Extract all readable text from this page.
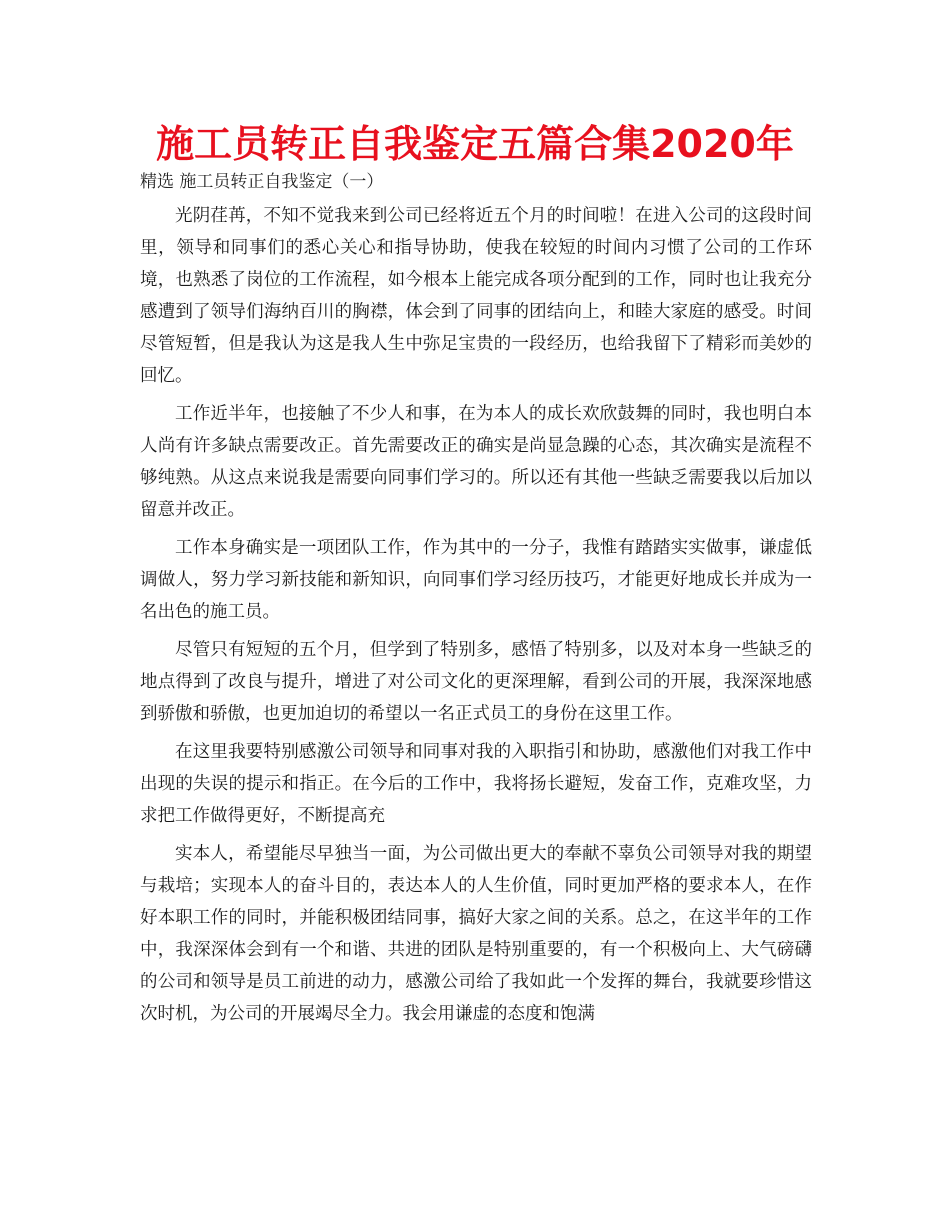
施工员转正自我鉴定五篇合集2020年
精选 施工员转正自我鉴定（一）

光阴荏苒，不知不觉我来到公司已经将近五个月的时间啦！在进入公司的这段时间里，领导和同事们的悉心关心和指导协助，使我在较短的时间内习惯了公司的工作环境，也熟悉了岗位的工作流程，如今根本上能完成各项分配到的工作，同时也让我充分感遭到了领导们海纳百川的胸襟，体会到了同事的团结向上，和睦大家庭的感受。时间尽管短暂，但是我认为这是我人生中弥足宝贵的一段经历，也给我留下了精彩而美妙的回忆。

工作近半年，也接触了不少人和事，在为本人的成长欢欣鼓舞的同时，我也明白本人尚有许多缺点需要改正。首先需要改正的确实是尚显急躁的心态，其次确实是流程不够纯熟。从这点来说我是需要向同事们学习的。所以还有其他一些缺乏需要我以后加以留意并改正。

工作本身确实是一项团队工作，作为其中的一分子，我惟有踏踏实实做事，谦虚低调做人，努力学习新技能和新知识，向同事们学习经历技巧，才能更好地成长并成为一名出色的施工员。

尽管只有短短的五个月，但学到了特别多，感悟了特别多，以及对本身一些缺乏的地点得到了改良与提升，增进了对公司文化的更深理解，看到公司的开展，我深深地感到骄傲和骄傲，也更加迫切的希望以一名正式员工的身份在这里工作。

在这里我要特别感激公司领导和同事对我的入职指引和协助，感激他们对我工作中出现的失误的提示和指正。在今后的工作中，我将扬长避短，发奋工作，克难攻坚，力求把工作做得更好，不断提高充

实本人，希望能尽早独当一面，为公司做出更大的奉献不辜负公司领导对我的期望与栽培；实现本人的奋斗目的，表达本人的人生价值，同时更加严格的要求本人，在作好本职工作的同时，并能积极团结同事，搞好大家之间的关系。总之，在这半年的工作中，我深深体会到有一个和谐、共进的团队是特别重要的，有一个积极向上、大气磅礴的公司和领导是员工前进的动力，感激公司给了我如此一个发挥的舞台，我就要珍惜这次时机，为公司的开展竭尽全力。我会用谦虚的态度和饱满
